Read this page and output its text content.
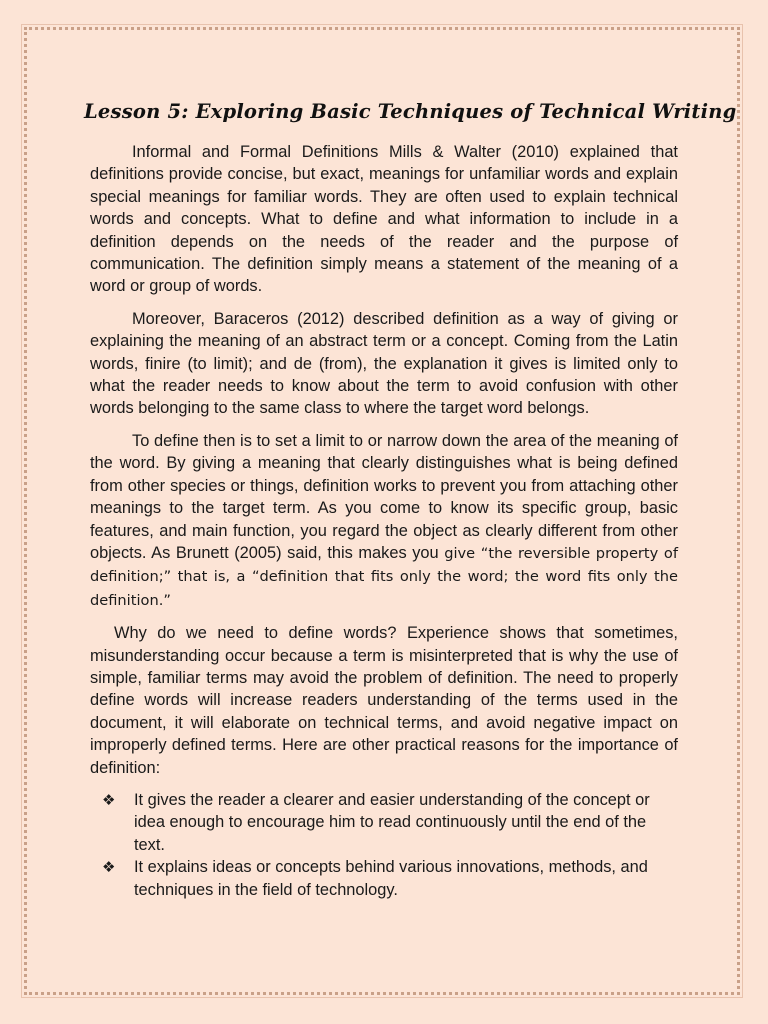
Lesson 5: Exploring Basic Techniques of Technical Writing

Informal and Formal Definitions Mills & Walter (2010) explained that definitions provide concise, but exact, meanings for unfamiliar words and explain special meanings for familiar words. They are often used to explain technical words and concepts. What to define and what information to include in a definition depends on the needs of the reader and the purpose of communication. The definition simply means a statement of the meaning of a word or group of words.

Moreover, Baraceros (2012) described definition as a way of giving or explaining the meaning of an abstract term or a concept. Coming from the Latin words, finire (to limit); and de (from), the explanation it gives is limited only to what the reader needs to know about the term to avoid confusion with other words belonging to the same class to where the target word belongs.

To define then is to set a limit to or narrow down the area of the meaning of the word. By giving a meaning that clearly distinguishes what is being defined from other species or things, definition works to prevent you from attaching other meanings to the target term. As you come to know its specific group, basic features, and main function, you regard the object as clearly different from other objects. As Brunett (2005) said, this makes you give “the reversible property of definition;” that is, a “definition that fits only the word; the word fits only the definition.”

Why do we need to define words? Experience shows that sometimes, misunderstanding occur because a term is misinterpreted that is why the use of simple, familiar terms may avoid the problem of definition. The need to properly define words will increase readers understanding of the terms used in the document, it will elaborate on technical terms, and avoid negative impact on improperly defined terms. Here are other practical reasons for the importance of definition:

❖ It gives the reader a clearer and easier understanding of the concept or idea enough to encourage him to read continuously until the end of the text.
❖ It explains ideas or concepts behind various innovations, methods, and techniques in the field of technology.
